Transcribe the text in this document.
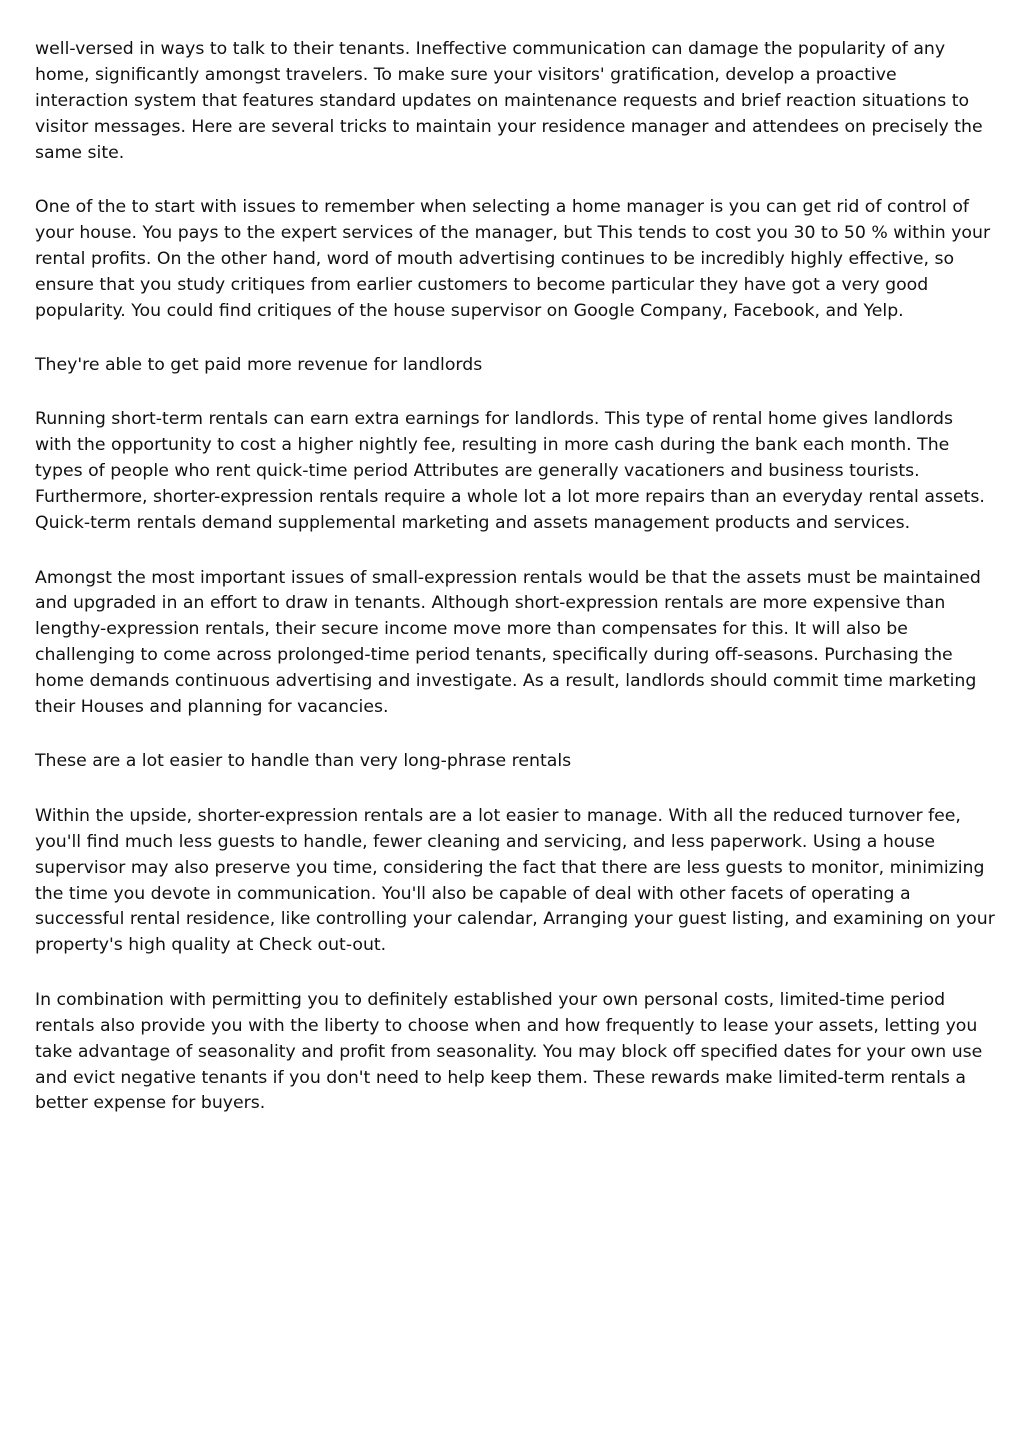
well-versed in ways to talk to their tenants. Ineffective communication can damage the popularity of any home, significantly amongst travelers. To make sure your visitors' gratification, develop a proactive interaction system that features standard updates on maintenance requests and brief reaction situations to visitor messages. Here are several tricks to maintain your residence manager and attendees on precisely the same site.

One of the to start with issues to remember when selecting a home manager is you can get rid of control of your house. You pays to the expert services of the manager, but This tends to cost you 30 to 50 % within your rental profits. On the other hand, word of mouth advertising continues to be incredibly highly effective, so ensure that you study critiques from earlier customers to become particular they have got a very good popularity. You could find critiques of the house supervisor on Google Company, Facebook, and Yelp.

They're able to get paid more revenue for landlords

Running short-term rentals can earn extra earnings for landlords. This type of rental home gives landlords with the opportunity to cost a higher nightly fee, resulting in more cash during the bank each month. The types of people who rent quick-time period Attributes are generally vacationers and business tourists. Furthermore, shorter-expression rentals require a whole lot a lot more repairs than an everyday rental assets. Quick-term rentals demand supplemental marketing and assets management products and services.

Amongst the most important issues of small-expression rentals would be that the assets must be maintained and upgraded in an effort to draw in tenants. Although short-expression rentals are more expensive than lengthy-expression rentals, their secure income move more than compensates for this. It will also be challenging to come across prolonged-time period tenants, specifically during off-seasons. Purchasing the home demands continuous advertising and investigate. As a result, landlords should commit time marketing their Houses and planning for vacancies.

These are a lot easier to handle than very long-phrase rentals

Within the upside, shorter-expression rentals are a lot easier to manage. With all the reduced turnover fee, you'll find much less guests to handle, fewer cleaning and servicing, and less paperwork. Using a house supervisor may also preserve you time, considering the fact that there are less guests to monitor, minimizing the time you devote in communication. You'll also be capable of deal with other facets of operating a successful rental residence, like controlling your calendar, Arranging your guest listing, and examining on your property's high quality at Check out-out.

In combination with permitting you to definitely established your own personal costs, limited-time period rentals also provide you with the liberty to choose when and how frequently to lease your assets, letting you take advantage of seasonality and profit from seasonality. You may block off specified dates for your own use and evict negative tenants if you don't need to help keep them. These rewards make limited-term rentals a better expense for buyers.
